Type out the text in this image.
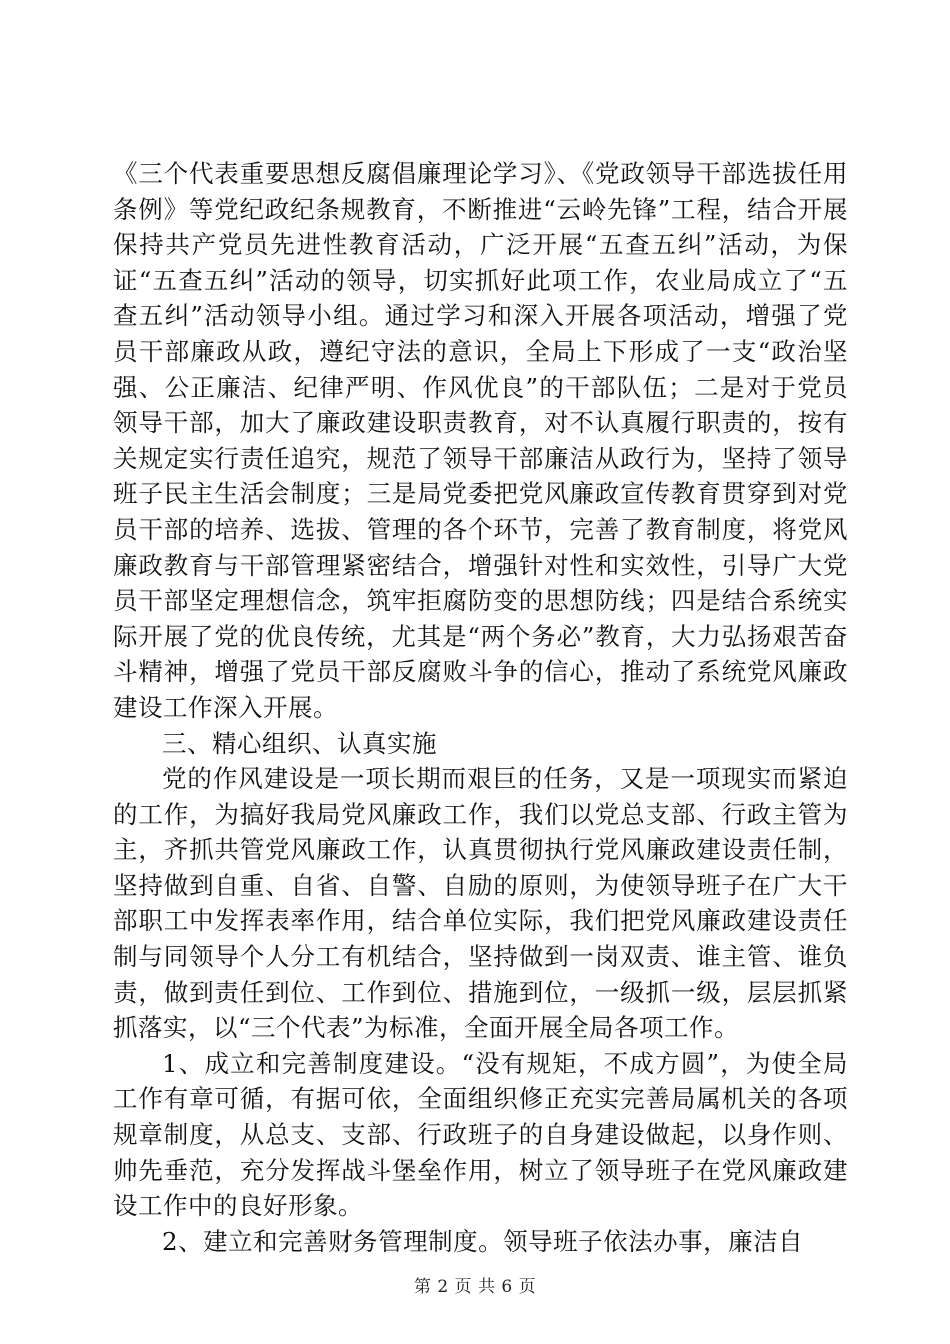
《三个代表重要思想反腐倡廉理论学习》、《党政领导干部选拔任用条例》等党纪政纪条规教育，不断推进“云岭先锋”工程，结合开展保持共产党员先进性教育活动，广泛开展“五查五纠”活动，为保证“五查五纠”活动的领导，切实抓好此项工作，农业局成立了“五查五纠”活动领导小组。通过学习和深入开展各项活动，增强了党员干部廉政从政，遵纪守法的意识，全局上下形成了一支“政治坚强、公正廉洁、纪律严明、作风优良”的干部队伍；二是对于党员领导干部，加大了廉政建设职责教育，对不认真履行职责的，按有关规定实行责任追究，规范了领导干部廉洁从政行为，坚持了领导班子民主生活会制度；三是局党委把党风廉政宣传教育贯穿到对党员干部的培养、选拔、管理的各个环节，完善了教育制度，将党风廉政教育与干部管理紧密结合，增强针对性和实效性，引导广大党员干部坚定理想信念，筑牢拒腐防变的思想防线；四是结合系统实际开展了党的优良传统，尤其是“两个务必”教育，大力弘扬艰苦奋斗精神，增强了党员干部反腐败斗争的信心，推动了系统党风廉政建设工作深入开展。

三、精心组织、认真实施

党的作风建设是一项长期而艰巨的任务，又是一项现实而紧迫的工作，为搞好我局党风廉政工作，我们以党总支部、行政主管为主，齐抓共管党风廉政工作，认真贯彻执行党风廉政建设责任制，坚持做到自重、自省、自警、自励的原则，为使领导班子在广大干部职工中发挥表率作用，结合单位实际，我们把党风廉政建设责任制与同领导个人分工有机结合，坚持做到一岗双责、谁主管、谁负责，做到责任到位、工作到位、措施到位，一级抓一级，层层抓紧抓落实，以“三个代表”为标准，全面开展全局各项工作。

1、成立和完善制度建设。“没有规矩，不成方圆”，为使全局工作有章可循，有据可依，全面组织修正充实完善局属机关的各项规章制度，从总支、支部、行政班子的自身建设做起，以身作则、帅先垂范，充分发挥战斗堡垒作用，树立了领导班子在党风廉政建设工作中的良好形象。

2、建立和完善财务管理制度。领导班子依法办事，廉洁自

第 2 页 共 6 页
